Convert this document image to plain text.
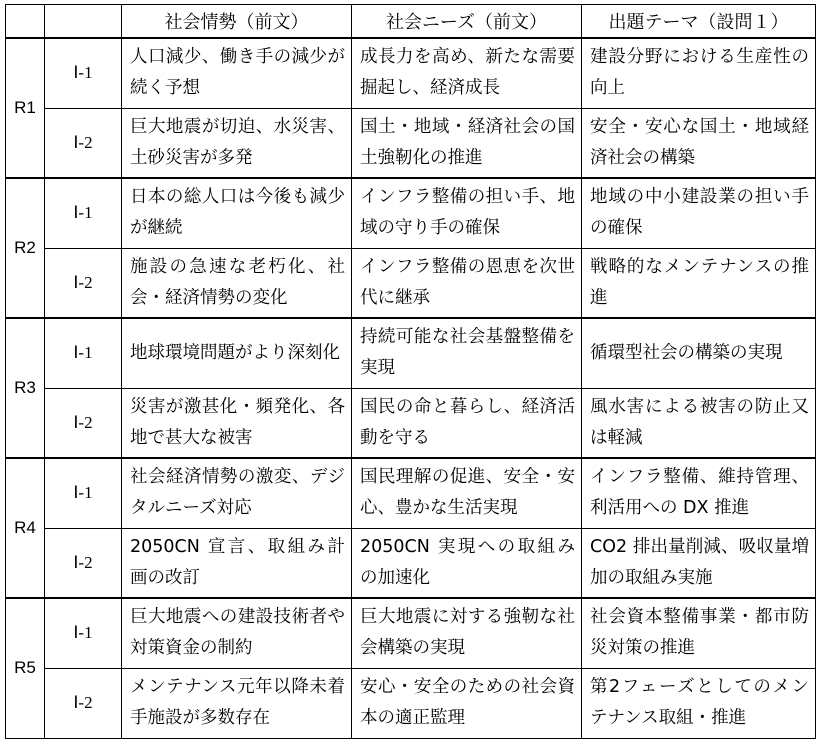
		社会情勢（前文）	社会ニーズ（前文）	出題テーマ（設問１）
R1	Ⅰ-1	人口減少、働き手の減少が続く予想	成長力を高め、新たな需要掘起し、経済成長	建設分野における生産性の向上
	Ⅰ-2	巨大地震が切迫、水災害、土砂災害が多発	国土・地域・経済社会の国土強靭化の推進	安全・安心な国土・地域経済社会の構築
R2	Ⅰ-1	日本の総人口は今後も減少が継続	インフラ整備の担い手、地域の守り手の確保	地域の中小建設業の担い手の確保
	Ⅰ-2	施設の急速な老朽化、社会・経済情勢の変化	インフラ整備の恩恵を次世代に継承	戦略的なメンテナンスの推進
R3	Ⅰ-1	地球環境問題がより深刻化	持続可能な社会基盤整備を実現	循環型社会の構築の実現
	Ⅰ-2	災害が激甚化・頻発化、各地で甚大な被害	国民の命と暮らし、経済活動を守る	風水害による被害の防止又は軽減
R4	Ⅰ-1	社会経済情勢の激変、デジタルニーズ対応	国民理解の促進、安全・安心、豊かな生活実現	インフラ整備、維持管理、利活用への DX 推進
	Ⅰ-2	2050CN 宣言、取組み計画の改訂	2050CN 実現への取組みの加速化	CO2 排出量削減、吸収量増加の取組み実施
R5	Ⅰ-1	巨大地震への建設技術者や対策資金の制約	巨大地震に対する強靭な社会構築の実現	社会資本整備事業・都市防災対策の推進
	Ⅰ-2	メンテナンス元年以降未着手施設が多数存在	安心・安全のための社会資本の適正監理	第2フェーズとしてのメンテナンス取組・推進
